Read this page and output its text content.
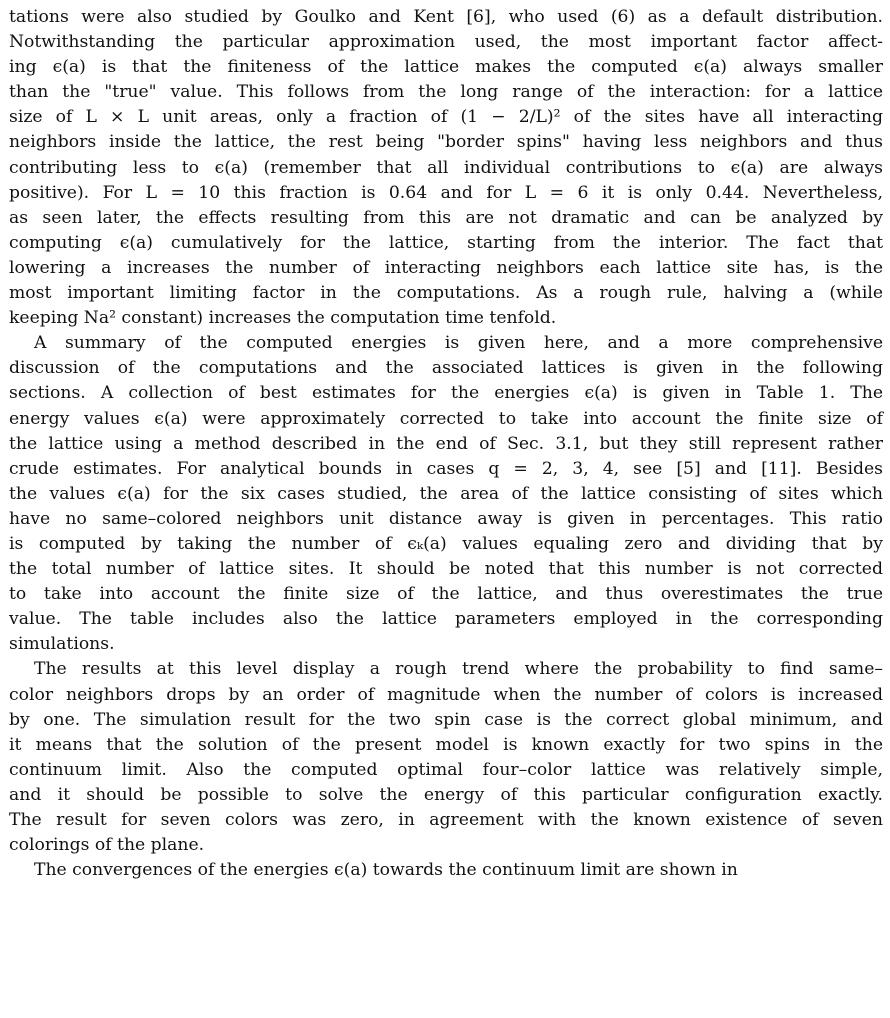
tations were also studied by Goulko and Kent [6], who used (6) as a default distribution.

Notwithstanding the particular approximation used, the most important factor affect-

ing ϵ(a) is that the finiteness of the lattice makes the computed ϵ(a) always smaller

than the "true" value. This follows from the long range of the interaction: for a lattice

size of L × L unit areas, only a fraction of (1 − 2/L)² of the sites have all interacting

neighbors inside the lattice, the rest being "border spins" having less neighbors and thus

contributing less to ϵ(a) (remember that all individual contributions to ϵ(a) are always

positive). For L = 10 this fraction is 0.64 and for L = 6 it is only 0.44. Nevertheless,

as seen later, the effects resulting from this are not dramatic and can be analyzed by

computing ϵ(a) cumulatively for the lattice, starting from the interior. The fact that

lowering a increases the number of interacting neighbors each lattice site has, is the

most important limiting factor in the computations. As a rough rule, halving a (while

keeping Na² constant) increases the computation time tenfold.

A summary of the computed energies is given here, and a more comprehensive

discussion of the computations and the associated lattices is given in the following

sections. A collection of best estimates for the energies ϵ(a) is given in Table 1. The

energy values ϵ(a) were approximately corrected to take into account the finite size of

the lattice using a method described in the end of Sec. 3.1, but they still represent rather

crude estimates. For analytical bounds in cases q = 2, 3, 4, see [5] and [11]. Besides

the values ϵ(a) for the six cases studied, the area of the lattice consisting of sites which

have no same–colored neighbors unit distance away is given in percentages. This ratio

is computed by taking the number of ϵₖ(a) values equaling zero and dividing that by

the total number of lattice sites. It should be noted that this number is not corrected

to take into account the finite size of the lattice, and thus overestimates the true

value. The table includes also the lattice parameters employed in the corresponding

simulations.

The results at this level display a rough trend where the probability to find same–

color neighbors drops by an order of magnitude when the number of colors is increased

by one. The simulation result for the two spin case is the correct global minimum, and

it means that the solution of the present model is known exactly for two spins in the

continuum limit. Also the computed optimal four–color lattice was relatively simple,

and it should be possible to solve the energy of this particular configuration exactly.

The result for seven colors was zero, in agreement with the known existence of seven

colorings of the plane.

The convergences of the energies ϵ(a) towards the continuum limit are shown in
